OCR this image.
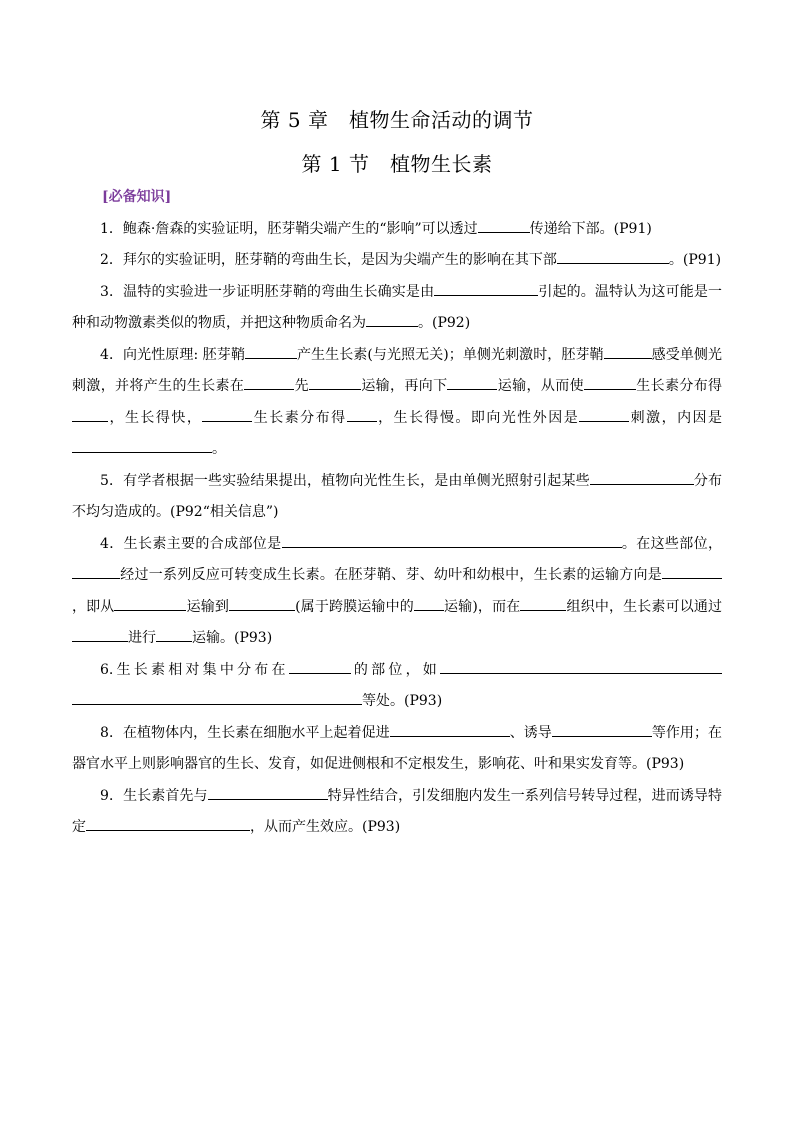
第 5 章　植物生命活动的调节
第 1 节　植物生长素
[必备知识]

1．鲍森·詹森的实验证明，胚芽鞘尖端产生的“影响”可以透过	传递给下部。(P91)

2．拜尔的实验证明，胚芽鞘的弯曲生长，是因为尖端产生的影响在其下部	。(P91)

3．温特的实验进一步证明胚芽鞘的弯曲生长确实是由	引起的。温特认为这可能是一种和动物激素类似的物质，并把这种物质命名为	。(P92)

4．向光性原理: 胚芽鞘	产生生长素(与光照无关)；单侧光刺激时，胚芽鞘	感受单侧光刺激，并将产生的生长素在	先	运输，再向下	运输，从而使	生长素分布得，生长得快，	生长素分布得 ，生长得慢。即向光性外因是	刺激，内因是。

5．有学者根据一些实验结果提出，植物向光性生长，是由单侧光照射引起某些	分布不均匀造成的。(P92“相关信息”)

4．生长素主要的合成部位是	。在这些部位，经过一系列反应可转变成生长素。在胚芽鞘、芽、幼叶和幼根中，生长素的运输方向是，即从	运输到	(属于跨膜运输中的 运输)，而在	组织中，生长素可以通过进行	运输。(P93)

6.生长素相对集中分布在	的部位，如等处。(P93)

8．在植物体内，生长素在细胞水平上起着促进	、诱导	等作用；在器官水平上则影响器官的生长、发育，如促进侧根和不定根发生，影响花、叶和果实发育等。(P93)

9．生长素首先与	特异性结合，引发细胞内发生一系列信号转导过程，进而诱导特定	，从而产生效应。(P93)
